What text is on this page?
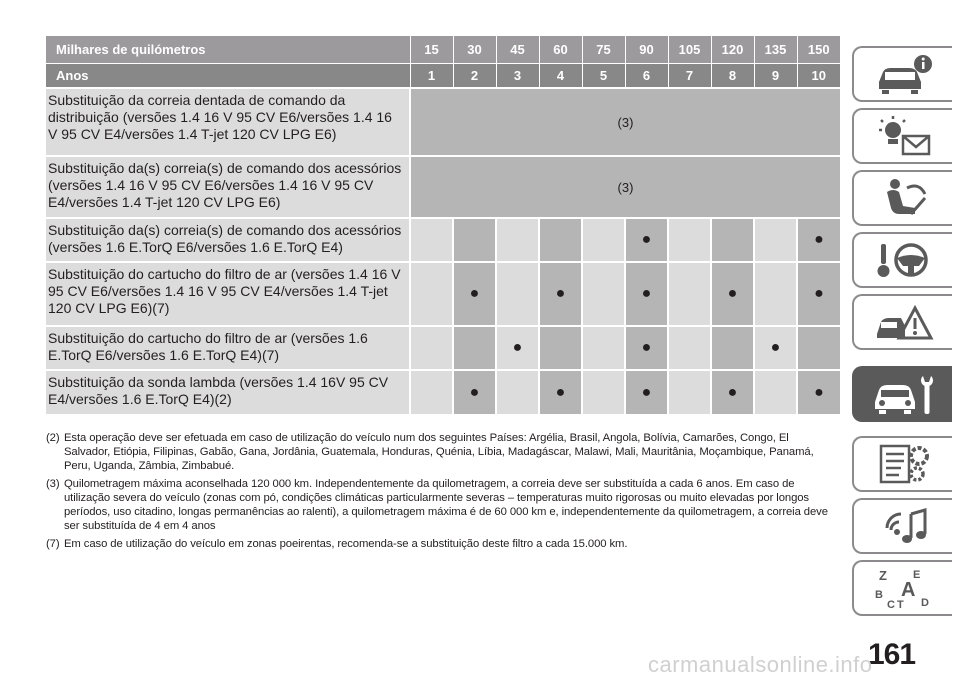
Milhares de quilómetros	15	30	45	60	75	90	105	120	135	150
Anos	1	2	3	4	5	6	7	8	9	10
Substituição da correia dentada de comando da distribuição (versões 1.4 16 V 95 CV E6/versões 1.4 16 V 95 CV E4/versões 1.4 T-jet 120 CV LPG E6)	(3)									
Substituição da(s) correia(s) de comando dos acessórios (versões 1.4 16 V 95 CV E6/versões 1.4 16 V 95 CV E4/versões 1.4 T-jet 120 CV LPG E6)	(3)									
Substituição da(s) correia(s) de comando dos acessórios (versões 1.6 E.TorQ E6/versões 1.6 E.TorQ E4)						●				●
Substituição do cartucho do filtro de ar (versões 1.4 16 V 95 CV E6/versões 1.4 16 V 95 CV E4/versões 1.4 T-jet 120 CV LPG E6)(7)		●		●		●		●		●
Substituição do cartucho do filtro de ar (versões 1.6 E.TorQ E6/versões 1.6 E.TorQ E4)(7)			●			●			●	
Substituição da sonda lambda (versões 1.4 16V 95 CV E4/versões 1.6 E.TorQ E4)(2)		●		●		●		●		●
(2) Esta operação deve ser efetuada em caso de utilização do veículo num dos seguintes Países: Argélia, Brasil, Angola, Bolívia, Camarões, Congo, El Salvador, Etiópia, Filipinas, Gabão, Gana, Jordânia, Guatemala, Honduras, Quénia, Líbia, Madagáscar, Malawi, Mali, Mauritânia, Moçambique, Panamá, Peru, Uganda, Zâmbia, Zimbabué.
(3) Quilometragem máxima aconselhada 120 000 km. Independentemente da quilometragem, a correia deve ser substituída a cada 6 anos. Em caso de utilização severa do veículo (zonas com pó, condições climáticas particularmente severas – temperaturas muito rigorosas ou muito elevadas por longos períodos, uso citadino, longas permanências ao ralenti), a quilometragem máxima é de 60 000 km e, independentemente da quilometragem, a correia deve ser substituída de 4 em 4 anos
(7) Em caso de utilização do veículo em zonas poeirentas, recomenda-se a substituição deste filtro a cada 15.000 km.
Z E
B A
C T D
161
carmanualsonline.info
